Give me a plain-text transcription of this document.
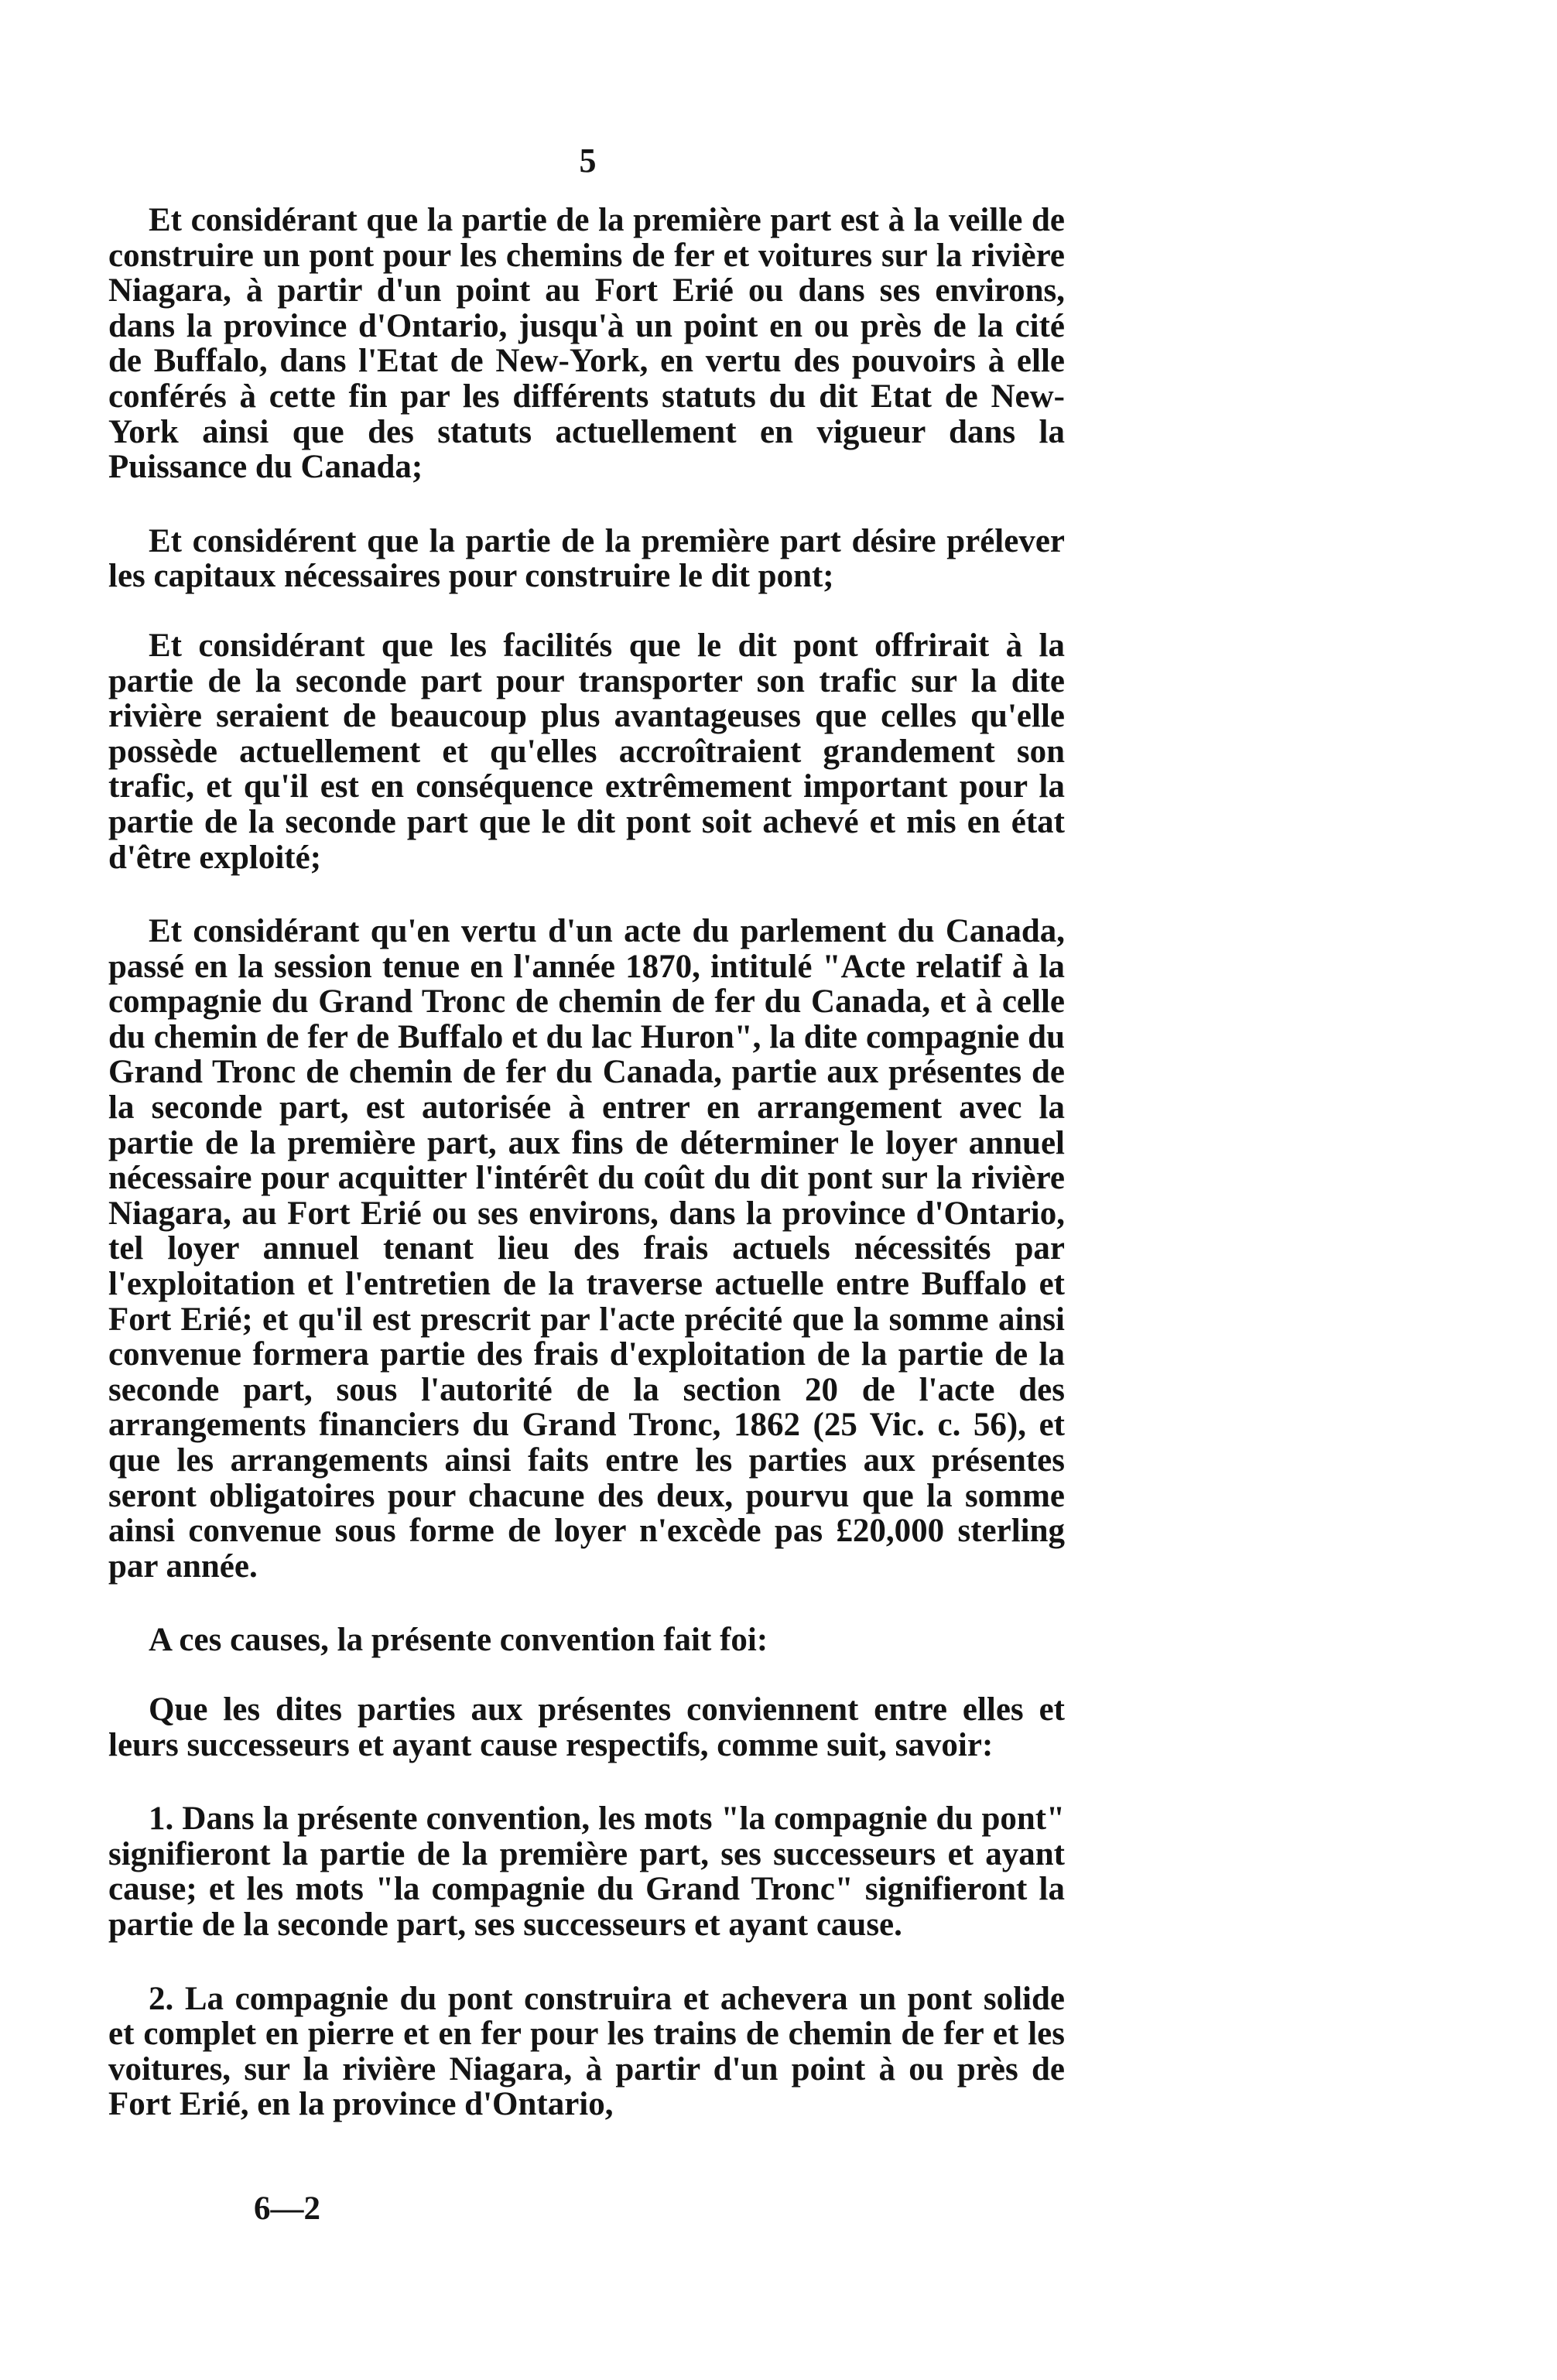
5

Et considérant que la partie de la première part est à la veille de construire un pont pour les chemins de fer et voitures sur la rivière Niagara, à partir d'un point au Fort Erié ou dans ses environs, dans la province d'Ontario, jusqu'à un point en ou près de la cité de Buffalo, dans l'Etat de New-York, en vertu des pouvoirs à elle conférés à cette fin par les différents statuts du dit Etat de New-York ainsi que des statuts actuellement en vigueur dans la Puissance du Canada;

Et considérent que la partie de la première part désire prélever les capitaux nécessaires pour construire le dit pont;

Et considérant que les facilités que le dit pont offrirait à la partie de la seconde part pour transporter son trafic sur la dite rivière seraient de beaucoup plus avantageuses que celles qu'elle possède actuellement et qu'elles accroîtraient grandement son trafic, et qu'il est en conséquence extrêmement important pour la partie de la seconde part que le dit pont soit achevé et mis en état d'être exploité;

Et considérant qu'en vertu d'un acte du parlement du Canada, passé en la session tenue en l'année 1870, intitulé "Acte relatif à la compagnie du Grand Tronc de chemin de fer du Canada, et à celle du chemin de fer de Buffalo et du lac Huron", la dite compagnie du Grand Tronc de chemin de fer du Canada, partie aux présentes de la seconde part, est autorisée à entrer en arrangement avec la partie de la première part, aux fins de déterminer le loyer annuel nécessaire pour acquitter l'intérêt du coût du dit pont sur la rivière Niagara, au Fort Erié ou ses environs, dans la province d'Ontario, tel loyer annuel tenant lieu des frais actuels nécessités par l'exploitation et l'entretien de la traverse actuelle entre Buffalo et Fort Erié; et qu'il est prescrit par l'acte précité que la somme ainsi convenue formera partie des frais d'exploitation de la partie de la seconde part, sous l'autorité de la section 20 de l'acte des arrangements financiers du Grand Tronc, 1862 (25 Vic. c. 56), et que les arrangements ainsi faits entre les parties aux présentes seront obligatoires pour chacune des deux, pourvu que la somme ainsi convenue sous forme de loyer n'excède pas £20,000 sterling par année.

A ces causes, la présente convention fait foi:

Que les dites parties aux présentes conviennent entre elles et leurs successeurs et ayant cause respectifs, comme suit, savoir:

1. Dans la présente convention, les mots "la compagnie du pont" signifieront la partie de la première part, ses successeurs et ayant cause; et les mots "la compagnie du Grand Tronc" signifieront la partie de la seconde part, ses successeurs et ayant cause.

2. La compagnie du pont construira et achevera un pont solide et complet en pierre et en fer pour les trains de chemin de fer et les voitures, sur la rivière Niagara, à partir d'un point à ou près de Fort Erié, en la province d'Ontario,

6—2
